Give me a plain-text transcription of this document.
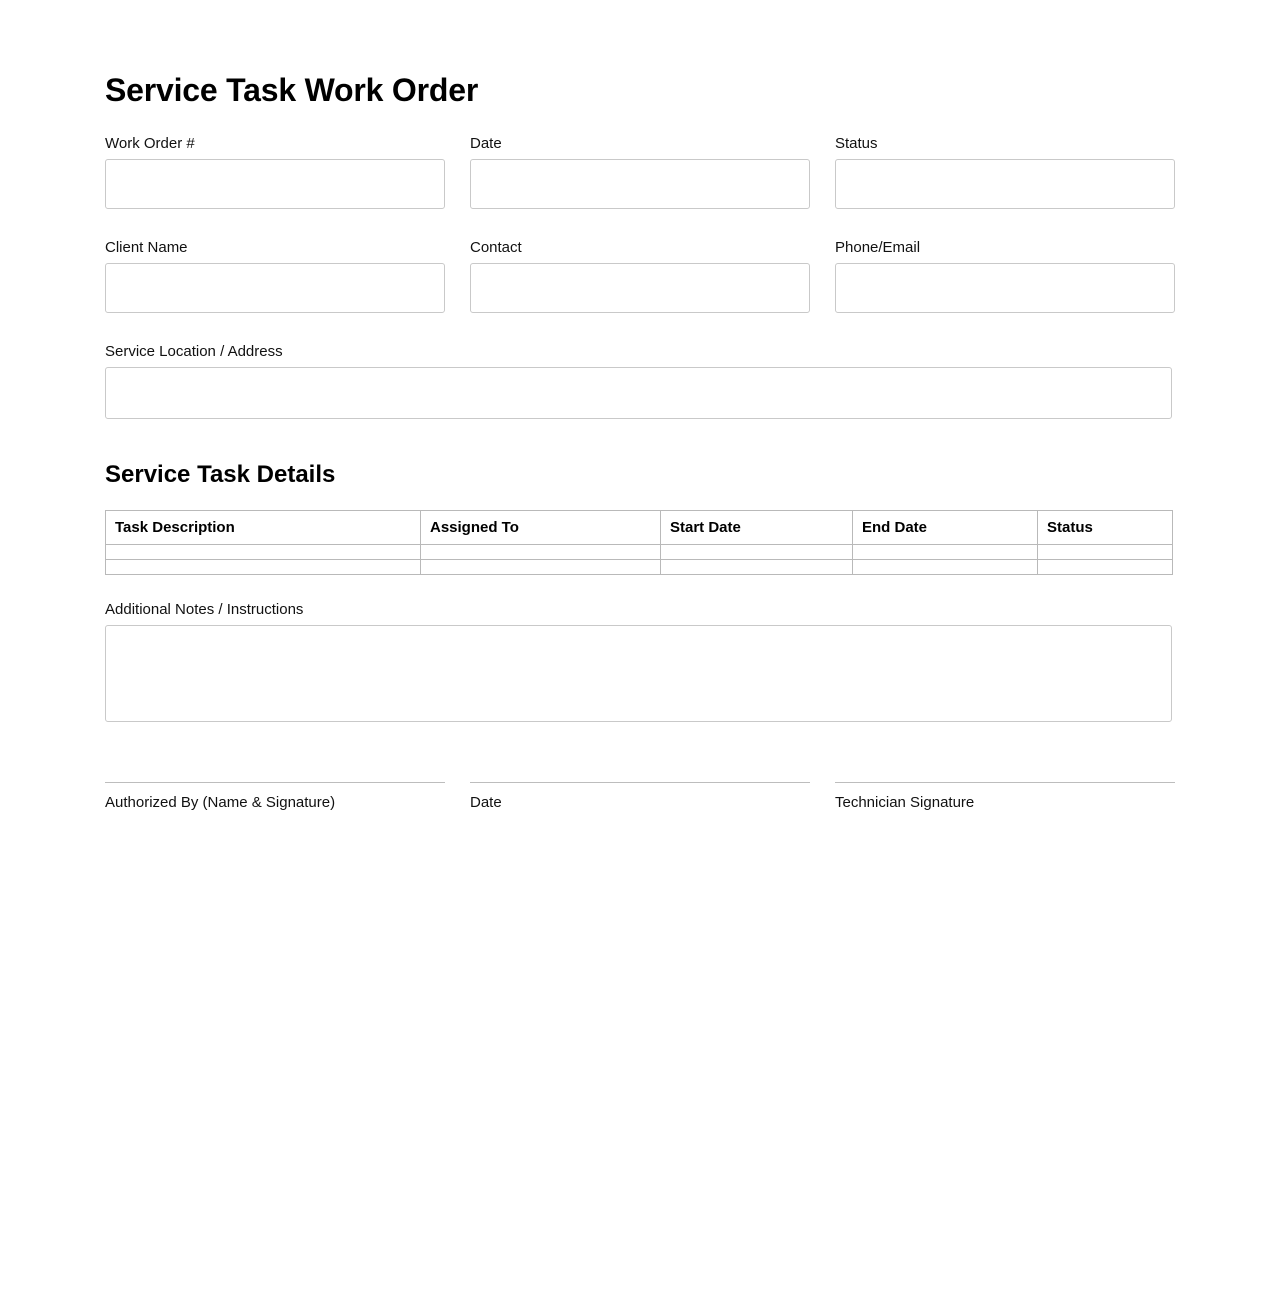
Service Task Work Order
Work Order #	Date	Status
Client Name	Contact	Phone/Email
Service Location / Address
Service Task Details
Task Description	Assigned To	Start Date	End Date	Status

Additional Notes / Instructions
Authorized By (Name & Signature)	Date	Technician Signature
